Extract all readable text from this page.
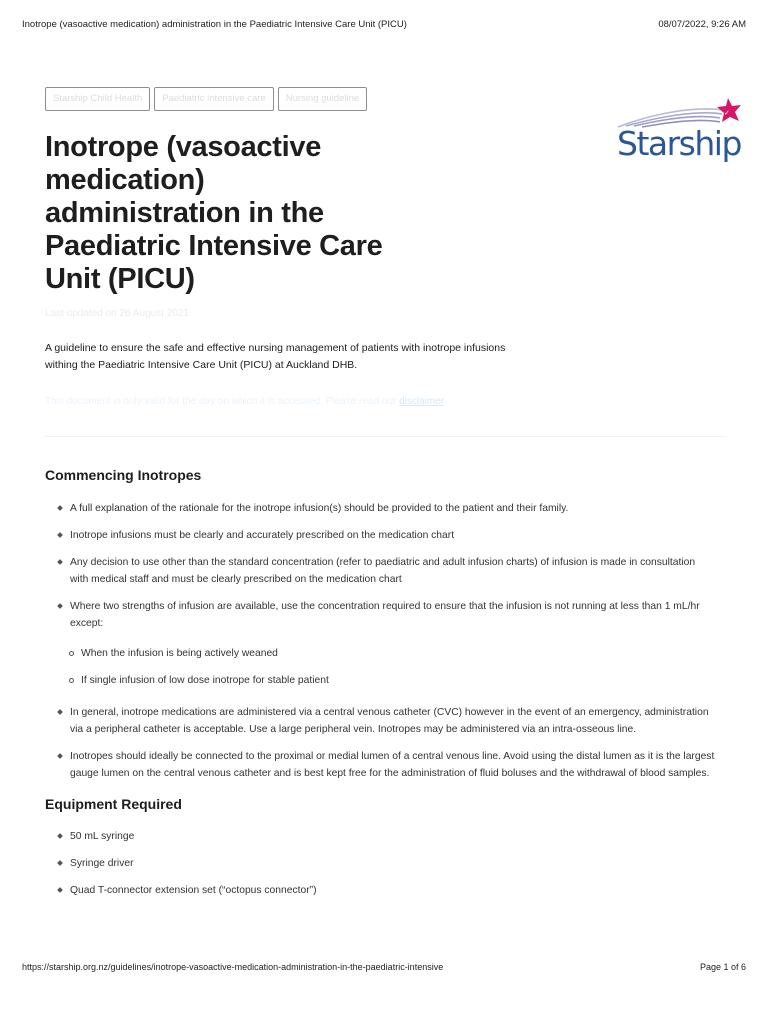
Inotrope (vasoactive medication) administration in the Paediatric Intensive Care Unit (PICU)	08/07/2022, 9:26 AM
Starship Child Health	Paediatric intensive care	Nursing guideline
✓
Starship
Inotrope (vasoactive medication) administration in the Paediatric Intensive Care Unit (PICU)
Last updated on 26 August 2021

A guideline to ensure the safe and effective nursing management of patients with inotrope infusions withing the Paediatric Intensive Care Unit (PICU) at Auckland DHB.

This document is only valid for the day on which it is accessed. Please read our disclaimer.
Commencing Inotropes
A full explanation of the rationale for the inotrope infusion(s) should be provided to the patient and their family.
Inotrope infusions must be clearly and accurately prescribed on the medication chart
Any decision to use other than the standard concentration (refer to paediatric and adult infusion charts) of infusion is made in consultation with medical staff and must be clearly prescribed on the medication chart
Where two strengths of infusion are available, use the concentration required to ensure that the infusion is not running at less than 1 mL/hr except:
When the infusion is being actively weaned
If single infusion of low dose inotrope for stable patient
In general, inotrope medications are administered via a central venous catheter (CVC) however in the event of an emergency, administration via a peripheral catheter is acceptable. Use a large peripheral vein. Inotropes may be administered via an intra-osseous line.
Inotropes should ideally be connected to the proximal or medial lumen of a central venous line. Avoid using the distal lumen as it is the largest gauge lumen on the central venous catheter and is best kept free for the administration of fluid boluses and the withdrawal of blood samples.
Equipment Required
50 mL syringe
Syringe driver
Quad T-connector extension set (“octopus connector”)
https://starship.org.nz/guidelines/inotrope-vasoactive-medication-administration-in-the-paediatric-intensive	Page 1 of 6
